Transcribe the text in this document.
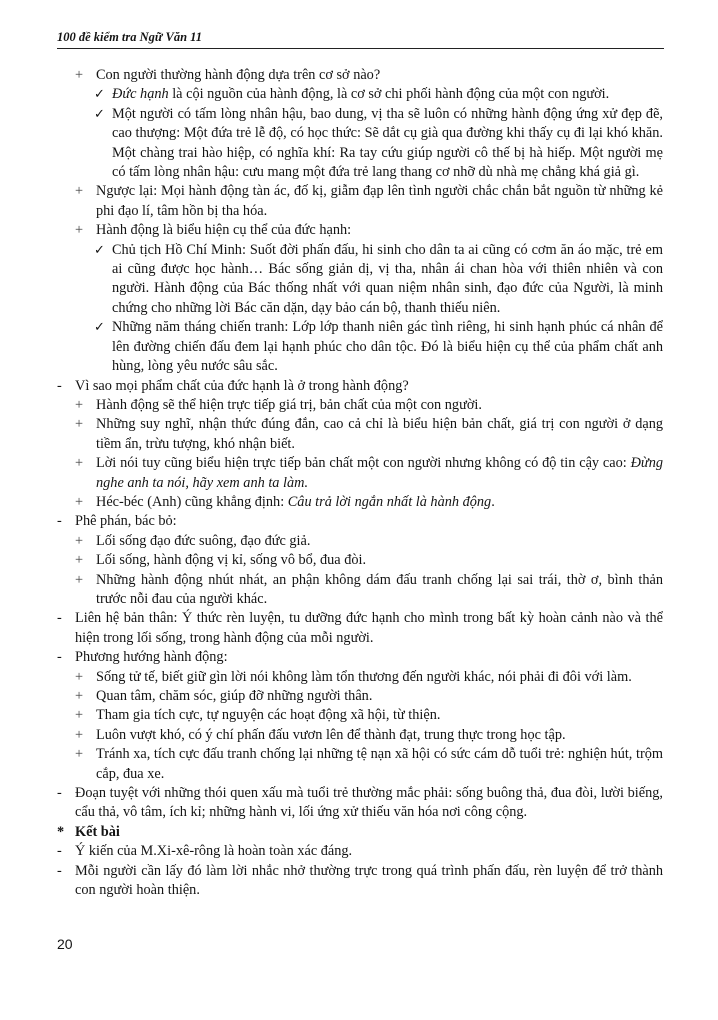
100 đề kiểm tra Ngữ Văn 11
+ Con người thường hành động dựa trên cơ sở nào?
✓ Đức hạnh là cội nguồn của hành động, là cơ sở chi phối hành động của một con người.
✓ Một người có tấm lòng nhân hậu, bao dung, vị tha sẽ luôn có những hành động ứng xử đẹp đẽ, cao thượng: Một đứa trẻ lễ độ, có học thức: Sẽ dắt cụ già qua đường khi thấy cụ đi lại khó khăn. Một chàng trai hào hiệp, có nghĩa khí: Ra tay cứu giúp người cô thế bị hà hiếp. Một người mẹ có tấm lòng nhân hậu: cưu mang một đứa trẻ lang thang cơ nhỡ dù nhà mẹ chẳng khá giả gì.
+ Ngược lại: Mọi hành động tàn ác, đố kị, giẫm đạp lên tình người chắc chắn bắt nguồn từ những kẻ phi đạo lí, tâm hồn bị tha hóa.
+ Hành động là biểu hiện cụ thể của đức hạnh:
✓ Chủ tịch Hồ Chí Minh: Suốt đời phấn đấu, hi sinh cho dân ta ai cũng có cơm ăn áo mặc, trẻ em ai cũng được học hành… Bác sống giản dị, vị tha, nhân ái chan hòa với thiên nhiên và con người. Hành động của Bác thống nhất với quan niệm nhân sinh, đạo đức của Người, là minh chứng cho những lời Bác căn dặn, dạy bảo cán bộ, thanh thiếu niên.
✓ Những năm tháng chiến tranh: Lớp lớp thanh niên gác tình riêng, hi sinh hạnh phúc cá nhân để lên đường chiến đấu đem lại hạnh phúc cho dân tộc. Đó là biểu hiện cụ thể của phẩm chất anh hùng, lòng yêu nước sâu sắc.
- Vì sao mọi phẩm chất của đức hạnh là ở trong hành động?
+ Hành động sẽ thể hiện trực tiếp giá trị, bản chất của một con người.
+ Những suy nghĩ, nhận thức đúng đắn, cao cả chỉ là biểu hiện bản chất, giá trị con người ở dạng tiềm ẩn, trừu tượng, khó nhận biết.
+ Lời nói tuy cũng biểu hiện trực tiếp bản chất một con người nhưng không có độ tin cậy cao: Đừng nghe anh ta nói, hãy xem anh ta làm.
+ Héc-béc (Anh) cũng khẳng định: Câu trả lời ngắn nhất là hành động.
- Phê phán, bác bỏ:
+ Lối sống đạo đức suông, đạo đức giả.
+ Lối sống, hành động vị kỉ, sống vô bổ, đua đòi.
+ Những hành động nhút nhát, an phận không dám đấu tranh chống lại sai trái, thờ ơ, bình thản trước nỗi đau của người khác.
- Liên hệ bản thân: Ý thức rèn luyện, tu dưỡng đức hạnh cho mình trong bất kỳ hoàn cảnh nào và thể hiện trong lối sống, trong hành động của mỗi người.
- Phương hướng hành động:
+ Sống tử tế, biết giữ gìn lời nói không làm tổn thương đến người khác, nói phải đi đôi với làm.
+ Quan tâm, chăm sóc, giúp đỡ những người thân.
+ Tham gia tích cực, tự nguyện các hoạt động xã hội, từ thiện.
+ Luôn vượt khó, có ý chí phấn đấu vươn lên để thành đạt, trung thực trong học tập.
+ Tránh xa, tích cực đấu tranh chống lại những tệ nạn xã hội có sức cám dỗ tuổi trẻ: nghiện hút, trộm cắp, đua xe.
- Đoạn tuyệt với những thói quen xấu mà tuổi trẻ thường mắc phải: sống buông thả, đua đòi, lười biếng, cẩu thả, vô tâm, ích kỉ; những hành vi, lối ứng xử thiếu văn hóa nơi công cộng.
* Kết bài
- Ý kiến của M.Xi-xê-rông là hoàn toàn xác đáng.
- Mỗi người cần lấy đó làm lời nhắc nhở thường trực trong quá trình phấn đấu, rèn luyện để trở thành con người hoàn thiện.
20
